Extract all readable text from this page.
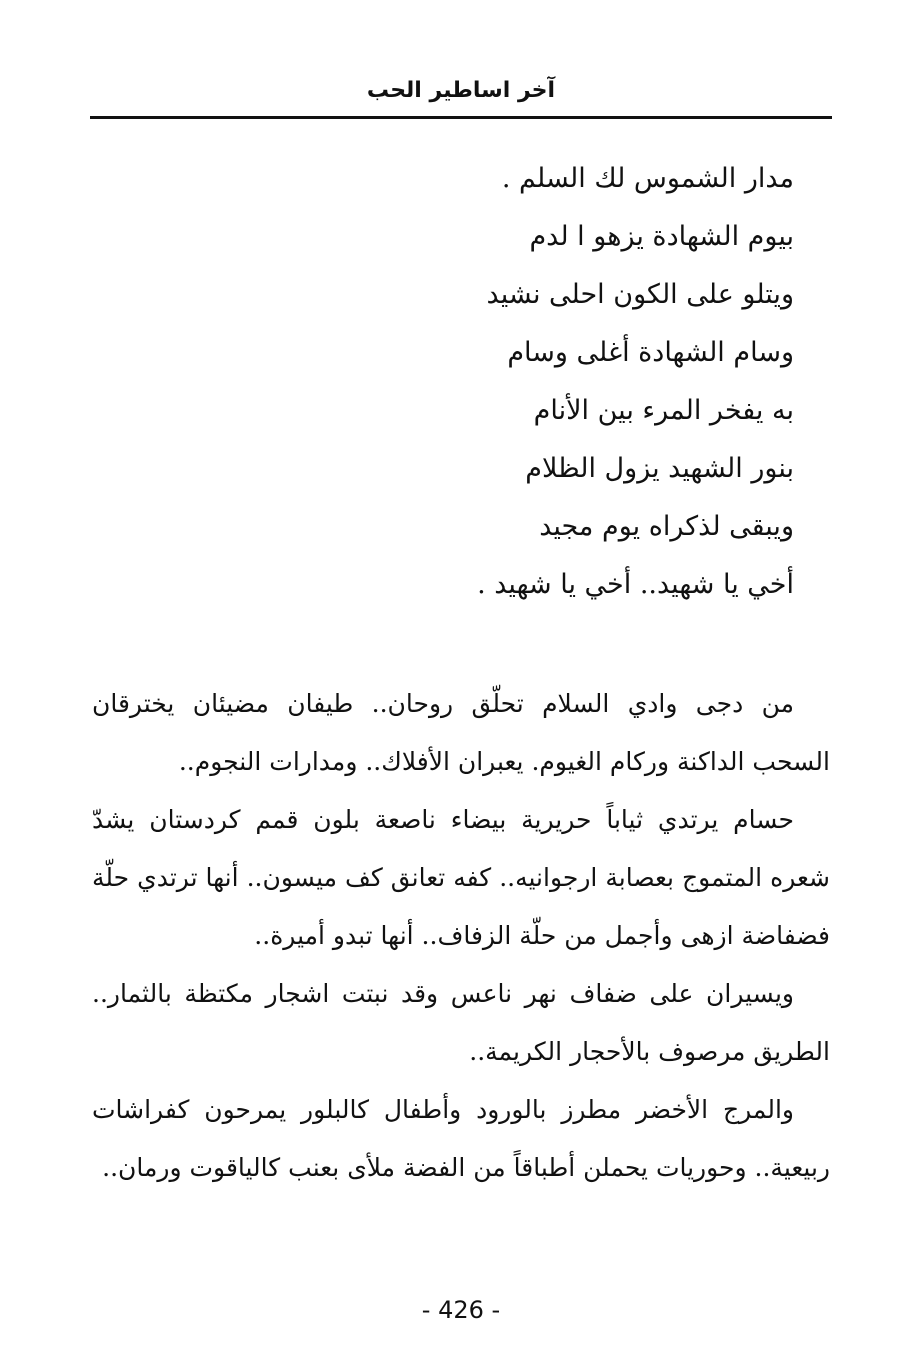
آخر اساطير الحب
مدار الشموس لك السلم .
بيوم الشهادة يزهو ا لدم
ويتلو على الكون احلى نشيد
وسام الشهادة أغلى وسام
به يفخر المرء بين الأنام
بنور الشهيد يزول الظلام
ويبقى لذكراه يوم مجيد
أخي يا شهيد.. أخي يا شهيد .

من دجى وادي السلام تحلّق روحان.. طيفان مضيئان يخترقان السحب الداكنة وركام الغيوم. يعبران الأفلاك.. ومدارات النجوم..

حسام يرتدي ثياباً حريرية بيضاء ناصعة بلون قمم كردستان يشدّ شعره المتموج بعصابة ارجوانيه.. كفه تعانق كف ميسون.. أنها ترتدي حلّة فضفاضة ازهى وأجمل من حلّة الزفاف.. أنها تبدو أميرة..

ويسيران على ضفاف نهر ناعس وقد نبتت اشجار مكتظة بالثمار.. الطريق مرصوف بالأحجار الكريمة..

والمرج الأخضر مطرز بالورود وأطفال كالبلور يمرحون كفراشات ربيعية.. وحوريات يحملن أطباقاً من الفضة ملأى بعنب كالياقوت ورمان..

- 426 -
